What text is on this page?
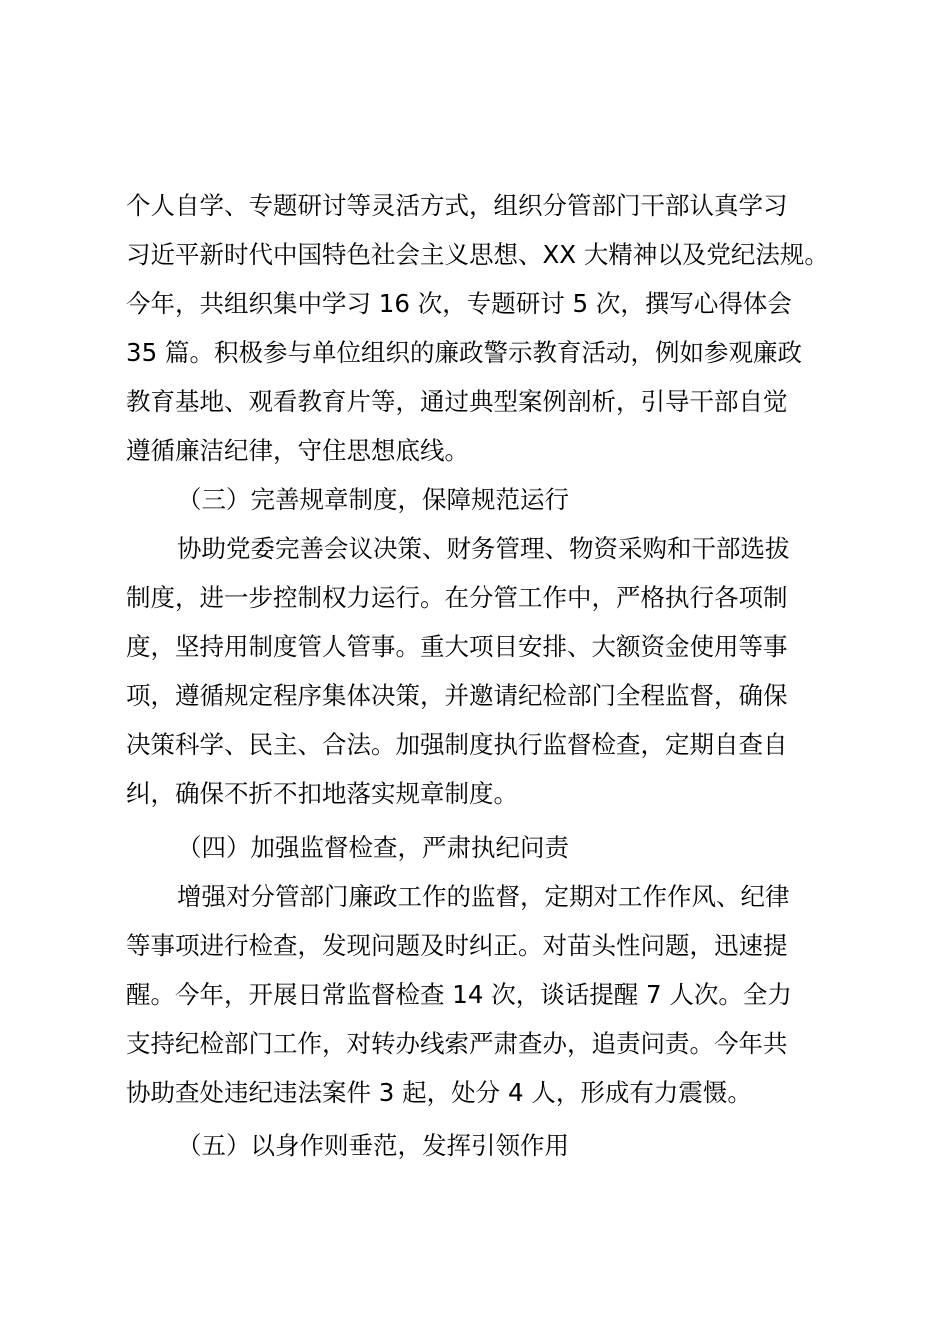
个人自学、专题研讨等灵活方式，组织分管部门干部认真学习
习近平新时代中国特色社会主义思想、XX 大精神以及党纪法规。
今年，共组织集中学习 16 次，专题研讨 5 次，撰写心得体会
35 篇。积极参与单位组织的廉政警示教育活动，例如参观廉政
教育基地、观看教育片等，通过典型案例剖析，引导干部自觉
遵循廉洁纪律，守住思想底线。
（三）完善规章制度，保障规范运行
协助党委完善会议决策、财务管理、物资采购和干部选拔
制度，进一步控制权力运行。在分管工作中，严格执行各项制
度，坚持用制度管人管事。重大项目安排、大额资金使用等事
项，遵循规定程序集体决策，并邀请纪检部门全程监督，确保
决策科学、民主、合法。加强制度执行监督检查，定期自查自
纠，确保不折不扣地落实规章制度。
（四）加强监督检查，严肃执纪问责
增强对分管部门廉政工作的监督，定期对工作作风、纪律
等事项进行检查，发现问题及时纠正。对苗头性问题，迅速提
醒。今年，开展日常监督检查 14 次，谈话提醒 7 人次。全力
支持纪检部门工作，对转办线索严肃查办，追责问责。今年共
协助查处违纪违法案件 3 起，处分 4 人，形成有力震慑。
（五）以身作则垂范，发挥引领作用
